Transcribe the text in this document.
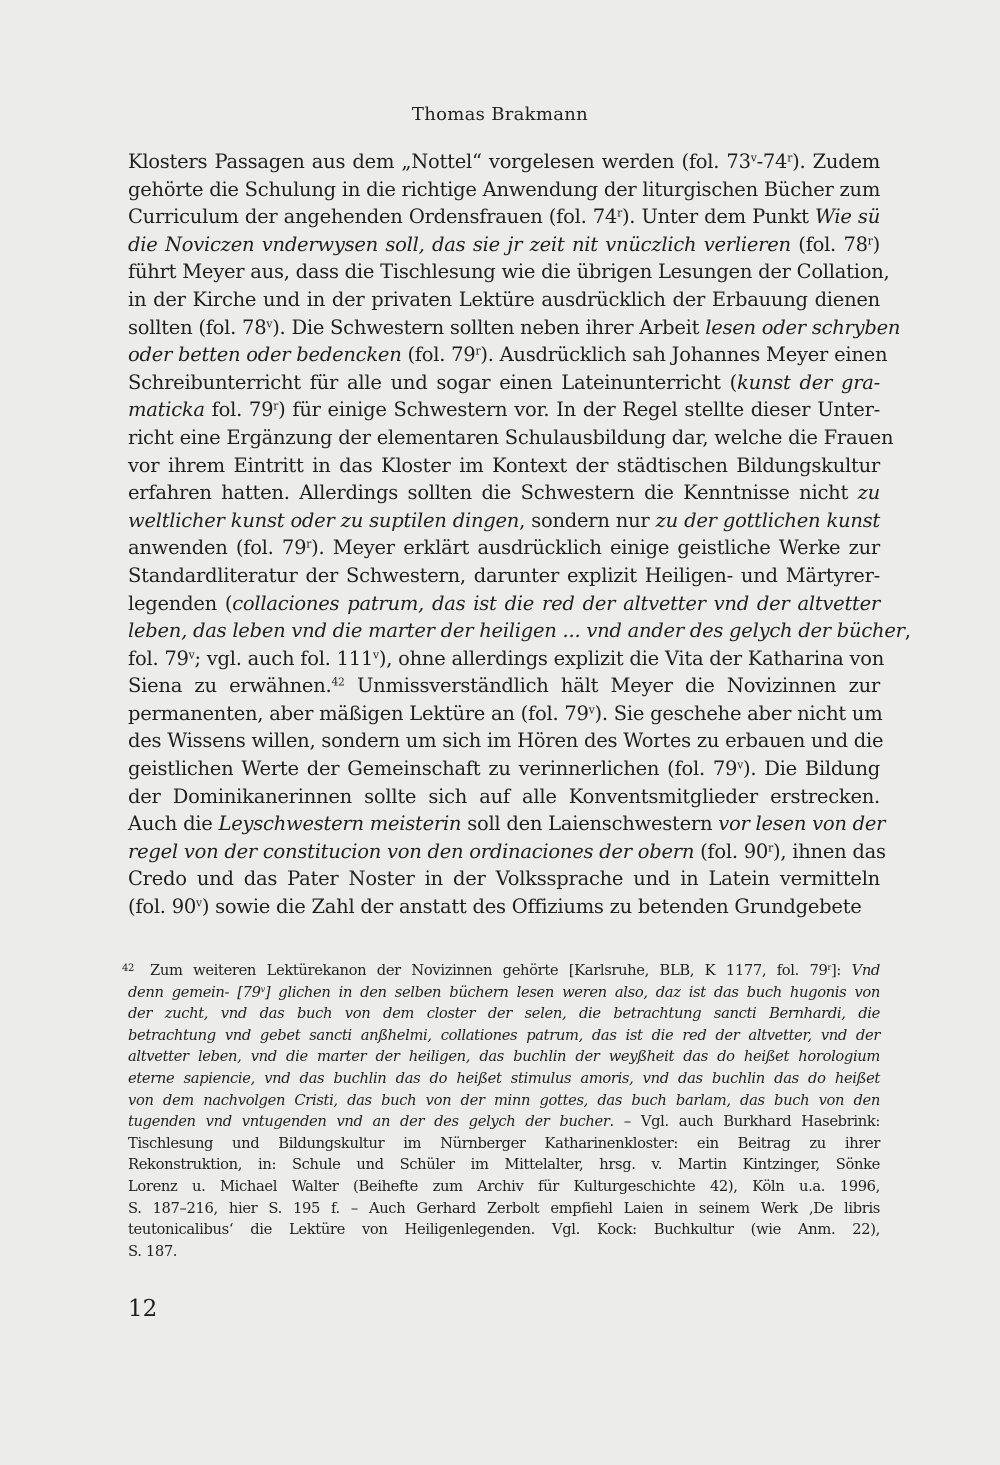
Thomas Brakmann
Klosters Passagen aus dem „Nottel“ vorgelesen werden (fol. 73$^v$-74$^r$). Zudem
gehörte die Schulung in die richtige Anwendung der liturgischen Bücher zum
Curriculum der angehenden Ordensfrauen (fol. 74$^r$). Unter dem Punkt Wie sü
die Noviczen vnderwysen soll, das sie jr zeit nit vnüczlich verlieren (fol. 78$^r$)
führt Meyer aus, dass die Tischlesung wie die übrigen Lesungen der Collation,
in der Kirche und in der privaten Lektüre ausdrücklich der Erbauung dienen
sollten (fol. 78$^v$). Die Schwestern sollten neben ihrer Arbeit lesen oder schryben
oder betten oder bedencken (fol. 79$^r$). Ausdrücklich sah Johannes Meyer einen
Schreibunterricht für alle und sogar einen Lateinunterricht (kunst der gra-
maticka fol. 79$^r$) für einige Schwestern vor. In der Regel stellte dieser Unter-
richt eine Ergänzung der elementaren Schulausbildung dar, welche die Frauen
vor ihrem Eintritt in das Kloster im Kontext der städtischen Bildungskultur
erfahren hatten. Allerdings sollten die Schwestern die Kenntnisse nicht zu
weltlicher kunst oder zu suptilen dingen, sondern nur zu der gottlichen kunst
anwenden (fol. 79$^r$). Meyer erklärt ausdrücklich einige geistliche Werke zur
Standardliteratur der Schwestern, darunter explizit Heiligen- und Märtyrer-
legenden (collaciones patrum, das ist die red der altvetter vnd der altvetter
leben, das leben vnd die marter der heiligen ... vnd ander des gelych der bücher,
fol. 79$^v$; vgl. auch fol. 111$^v$), ohne allerdings explizit die Vita der Katharina von
Siena zu erwähnen.$^{42}$ Unmissverständlich hält Meyer die Novizinnen zur
permanenten, aber mäßigen Lektüre an (fol. 79$^v$). Sie geschehe aber nicht um
des Wissens willen, sondern um sich im Hören des Wortes zu erbauen und die
geistlichen Werte der Gemeinschaft zu verinnerlichen (fol. 79$^v$). Die Bildung
der Dominikanerinnen sollte sich auf alle Konventsmitglieder erstrecken.
Auch die Leyschwestern meisterin soll den Laienschwestern vor lesen von der
regel von der constitucion von den ordinaciones der obern (fol. 90$^r$), ihnen das
Credo und das Pater Noster in der Volkssprache und in Latein vermitteln
(fol. 90$^v$) sowie die Zahl der anstatt des Offiziums zu betenden Grundgebete
42	Zum weiteren Lektürekanon der Novizinnen gehörte [Karlsruhe, BLB, K 1177, fol. 79$^r$]: Vnd
denn gemein- [79$^v$] glichen in den selben büchern lesen weren also, daz ist das buch hugonis von
der zucht, vnd das buch von dem closter der selen, die betrachtung sancti Bernhardi, die
betrachtung vnd gebet sancti anßhelmi, collationes patrum, das ist die red der altvetter, vnd der
altvetter leben, vnd die marter der heiligen, das buchlin der weyßheit das do heißet horologium
eterne sapiencie, vnd das buchlin das do heißet stimulus amoris, vnd das buchlin das do heißet
von dem nachvolgen Cristi, das buch von der minn gottes, das buch barlam, das buch von den
tugenden vnd vntugenden vnd an der des gelych der bucher. – Vgl. auch Burkhard Hasebrink:
Tischlesung und Bildungskultur im Nürnberger Katharinenkloster: ein Beitrag zu ihrer
Rekonstruktion, in: Schule und Schüler im Mittelalter, hrsg. v. Martin Kintzinger, Sönke
Lorenz u. Michael Walter (Beihefte zum Archiv für Kulturgeschichte 42), Köln u.a. 1996,
S. 187–216, hier S. 195 f. – Auch Gerhard Zerbolt empfiehl Laien in seinem Werk ‚De libris
teutonicalibus‘ die Lektüre von Heiligenlegenden. Vgl. Kock: Buchkultur (wie Anm. 22),
S. 187.
12
